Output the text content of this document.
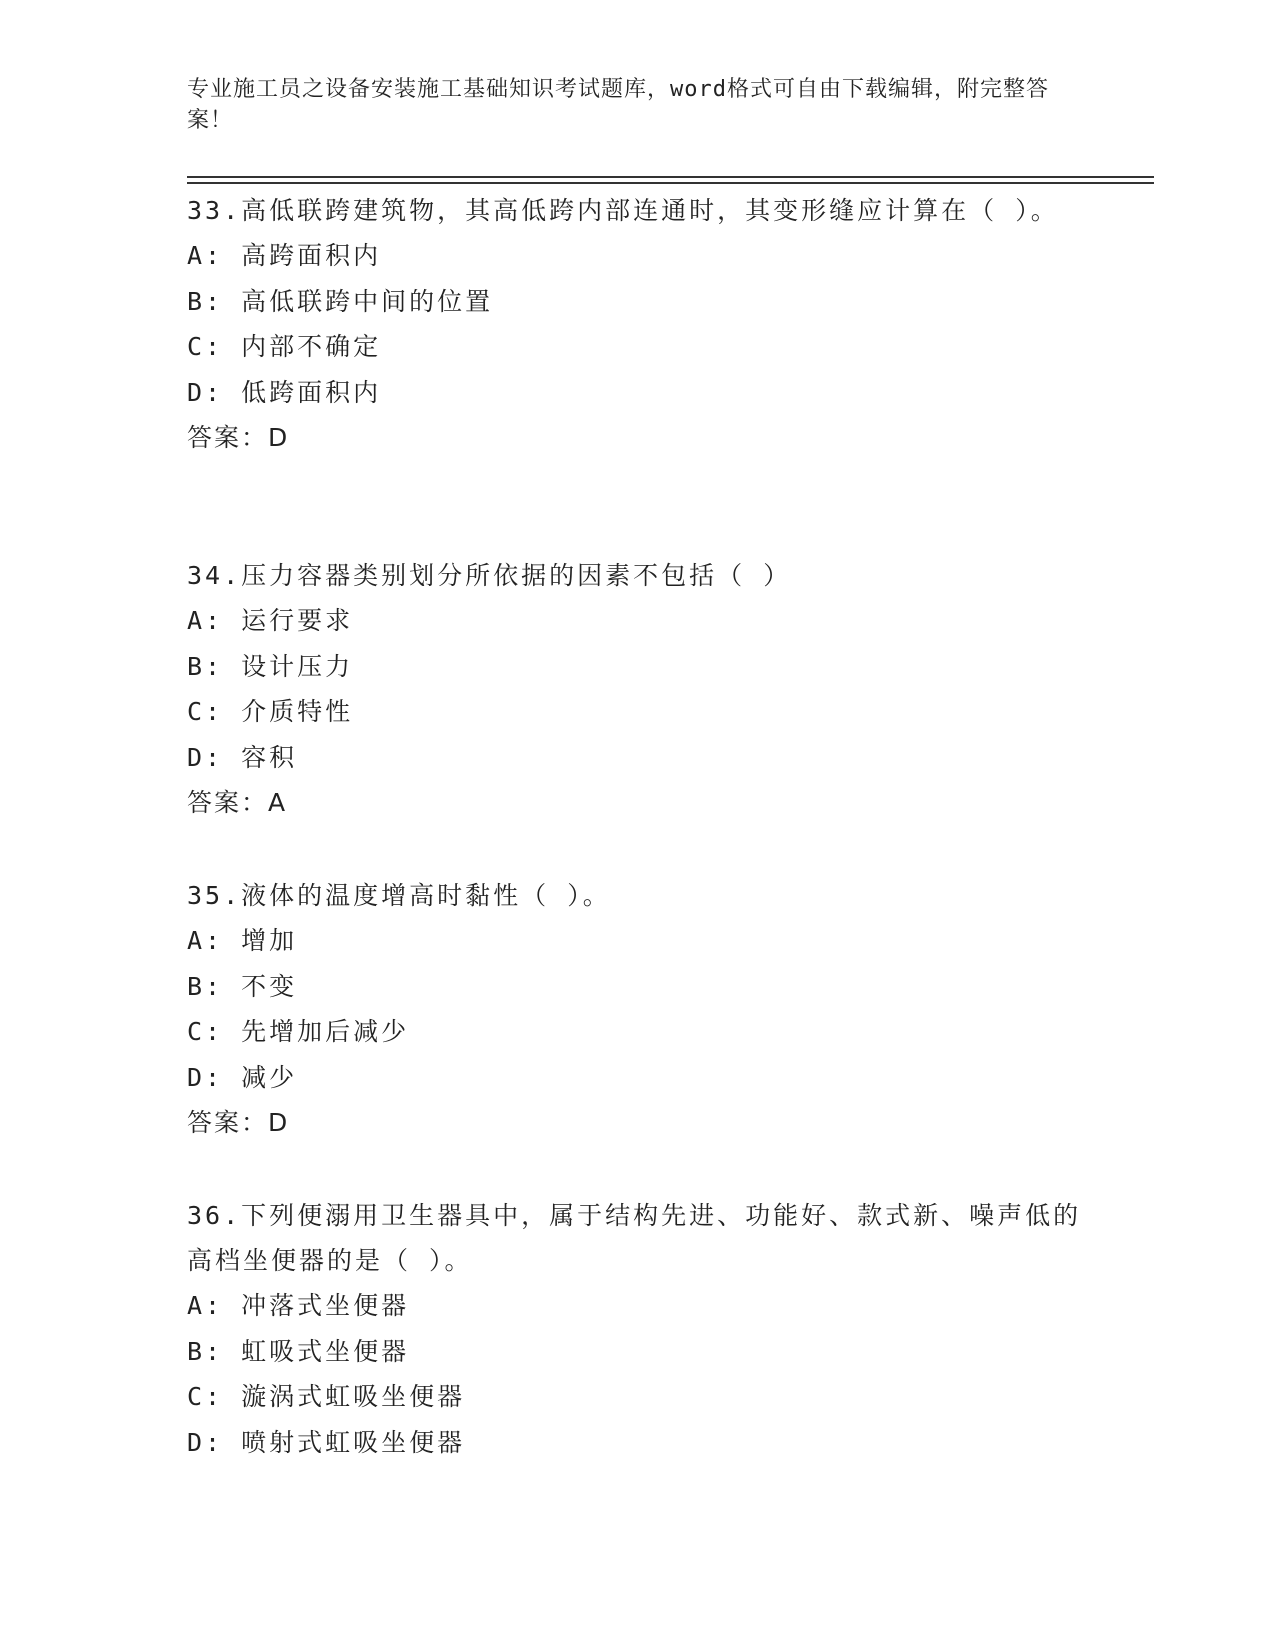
专业施工员之设备安装施工基础知识考试题库，word格式可自由下载编辑，附完整答案！
33.高低联跨建筑物，其高低跨内部连通时，其变形缝应计算在（ ）。
A: 高跨面积内
B: 高低联跨中间的位置
C: 内部不确定
D: 低跨面积内
答案：D
34.压力容器类别划分所依据的因素不包括（ ）
A: 运行要求
B: 设计压力
C: 介质特性
D: 容积
答案：A
35.液体的温度增高时黏性（ ）。
A: 增加
B: 不变
C: 先增加后减少
D: 减少
答案：D
36.下列便溺用卫生器具中，属于结构先进、功能好、款式新、噪声低的高档坐便器的是（ ）。
A: 冲落式坐便器
B: 虹吸式坐便器
C: 漩涡式虹吸坐便器
D: 喷射式虹吸坐便器
